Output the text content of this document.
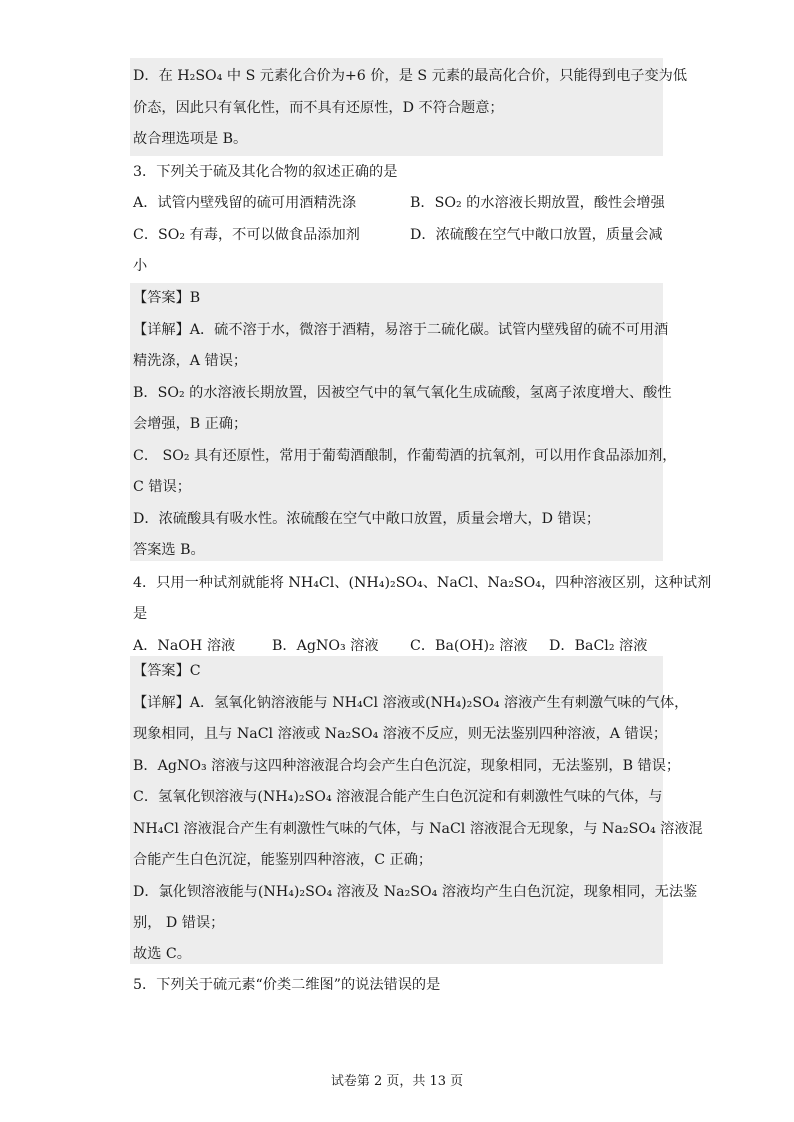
D．在 H₂SO₄ 中 S 元素化合价为+6 价，是 S 元素的最高化合价，只能得到电子变为低
价态，因此只有氧化性，而不具有还原性，D 不符合题意；
故合理选项是 B。
3．下列关于硫及其化合物的叙述正确的是
A．试管内壁残留的硫可用酒精洗涤	B．SO₂ 的水溶液长期放置，酸性会增强
C．SO₂ 有毒，不可以做食品添加剂	D．浓硫酸在空气中敞口放置，质量会减
小
【答案】B
【详解】A．硫不溶于水，微溶于酒精，易溶于二硫化碳。试管内壁残留的硫不可用酒
精洗涤，A 错误；
B．SO₂ 的水溶液长期放置，因被空气中的氧气氧化生成硫酸，氢离子浓度增大、酸性
会增强，B 正确；
C． SO₂ 具有还原性，常用于葡萄酒酿制，作葡萄酒的抗氧剂，可以用作食品添加剂，
C 错误；
D．浓硫酸具有吸水性。浓硫酸在空气中敞口放置，质量会增大，D 错误；
答案选 B。
4．只用一种试剂就能将 NH₄Cl、(NH₄)₂SO₄、NaCl、Na₂SO₄，四种溶液区别，这种试剂
是
A．NaOH 溶液	B．AgNO₃ 溶液 C．Ba(OH)₂ 溶液 D．BaCl₂ 溶液
【答案】C
【详解】A．氢氧化钠溶液能与 NH₄Cl 溶液或(NH₄)₂SO₄ 溶液产生有刺激气味的气体，
现象相同，且与 NaCl 溶液或 Na₂SO₄ 溶液不反应，则无法鉴别四种溶液，A 错误；
B．AgNO₃ 溶液与这四种溶液混合均会产生白色沉淀，现象相同，无法鉴别，B 错误；
C．氢氧化钡溶液与(NH₄)₂SO₄ 溶液混合能产生白色沉淀和有刺激性气味的气体，与
NH₄Cl 溶液混合产生有刺激性气味的气体，与 NaCl 溶液混合无现象，与 Na₂SO₄ 溶液混
合能产生白色沉淀，能鉴别四种溶液，C 正确；
D．氯化钡溶液能与(NH₄)₂SO₄ 溶液及 Na₂SO₄ 溶液均产生白色沉淀，现象相同，无法鉴
别， D 错误；
故选 C。
5．下列关于硫元素“价类二维图”的说法错误的是
试卷第 2 页，共 13 页
